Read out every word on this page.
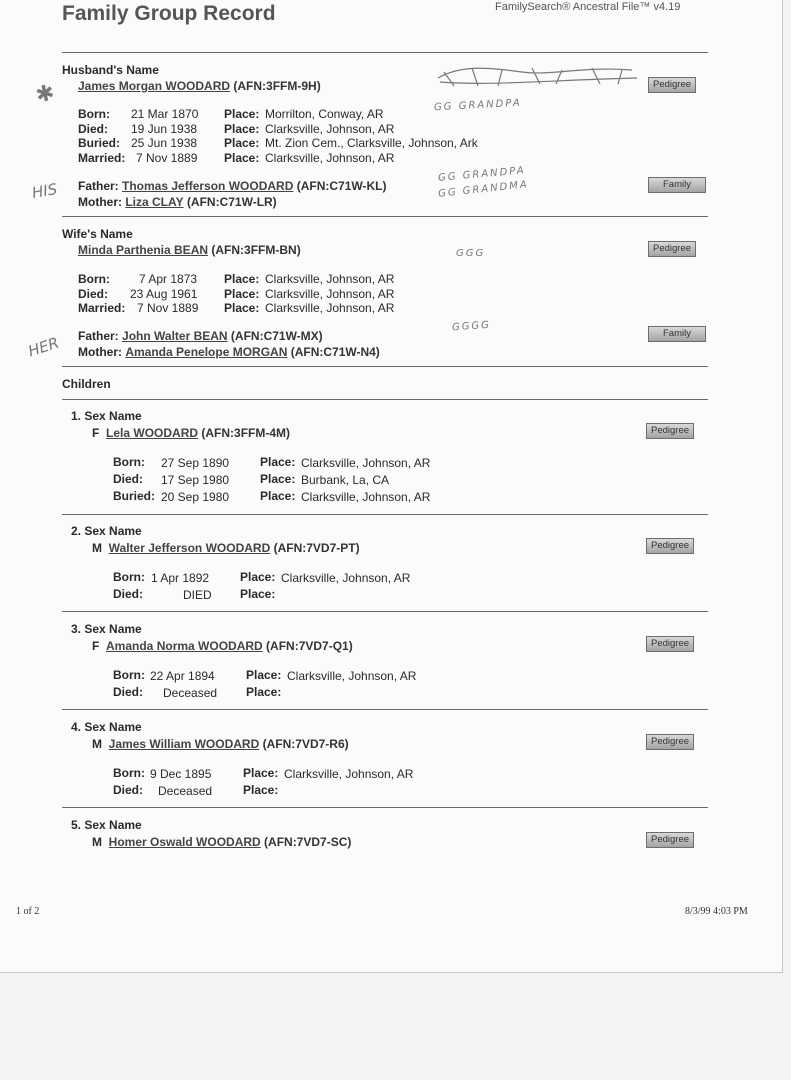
Family Group Record	FamilySearch® Ancestral File™ v4.19
Husband's Name
James Morgan WOODARD (AFN:3FFM-9H)	Pedigree
Born: 21 Mar 1870 Place: Morrilton, Conway, AR
Died: 19 Jun 1938 Place: Clarksville, Johnson, AR
Buried: 25 Jun 1938 Place: Mt. Zion Cem., Clarksville, Johnson, Ark
Married: 7 Nov 1889 Place: Clarksville, Johnson, AR
Father: Thomas Jefferson WOODARD (AFN:C71W-KL)
Mother: Liza CLAY (AFN:C71W-LR)
Family
Wife's Name
Minda Parthenia BEAN (AFN:3FFM-BN)	Pedigree
Born: 7 Apr 1873 Place: Clarksville, Johnson, AR
Died: 23 Aug 1961 Place: Clarksville, Johnson, AR
Married: 7 Nov 1889 Place: Clarksville, Johnson, AR
Father: John Walter BEAN (AFN:C71W-MX)
Mother: Amanda Penelope MORGAN (AFN:C71W-N4)
Family
Children
1. Sex Name
F Lela WOODARD (AFN:3FFM-4M)	Pedigree
Born: 27 Sep 1890	Place: Clarksville, Johnson, AR
Died: 17 Sep 1980	Place: Burbank, La, CA
Buried: 20 Sep 1980	Place: Clarksville, Johnson, AR
2. Sex Name
M Walter Jefferson WOODARD (AFN:7VD7-PT)	Pedigree
Born: 1 Apr 1892	Place: Clarksville, Johnson, AR
Died:	DIED Place:
3. Sex Name
F Amanda Norma WOODARD (AFN:7VD7-Q1)	Pedigree
Born: 22 Apr 1894	Place: Clarksville, Johnson, AR
Died: Deceased Place:
4. Sex Name
M James William WOODARD (AFN:7VD7-R6)	Pedigree
Born: 9 Dec 1895	Place: Clarksville, Johnson, AR
Died: Deceased	Place:
5. Sex Name
M Homer Oswald WOODARD (AFN:7VD7-SC)	Pedigree
✱	GG GRANDPA
HIS
GG GRANDPA
GG GRANDMA
GGG
HER
GGGG
1 of 2	8/3/99 4:03 PM
